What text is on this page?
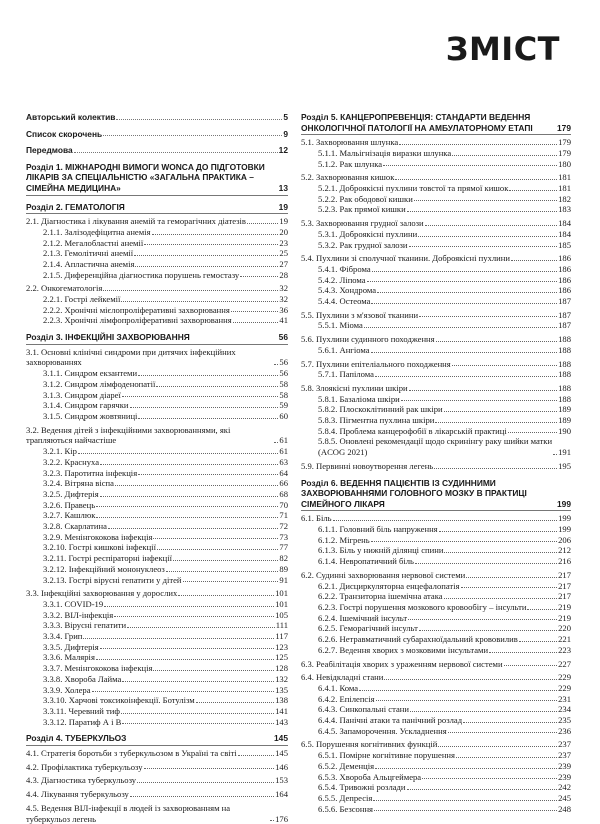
ЗМІСТ
Авторський колектив	5
Список скорочень	9
Передмова	12
Розділ 1. МІЖНАРОДНІ ВИМОГИ WONCA ДО ПІДГОТОВКИ ЛІКАРІВ ЗА СПЕЦІАЛЬНІСТЮ «ЗАГАЛЬНА ПРАКТИКА – СІМЕЙНА МЕДИЦИНА»	13
Розділ 2. ГЕМАТОЛОГІЯ	19
2.1. Діагностика і лікування анемій та геморагічних діатезів	19
2.1.1. Залізодефіцитна анемія	20
2.1.2. Мегалобластні анемії	23
2.1.3. Гемолітичні анемії	25
2.1.4. Апластична анемія	27
2.1.5. Диференційна діагностика порушень гемостазу	28
2.2. Онкогематологія	32
2.2.1. Гострі лейкемії	32
2.2.2. Хронічні мієлопроліферативні захворювання	36
2.2.3. Хронічні лімфопроліферативні захворювання	41
Розділ 3. ІНФЕКЦІЙНІ ЗАХВОРЮВАННЯ	56
3.1. Основні клінічні синдроми при дитячих інфекційних захворюваннях	56
3.1.1. Синдром екзантеми	56
3.1.2. Синдром лімфоденопатії	58
3.1.3. Синдром діареї	58
3.1.4. Синдром гарячки	59
3.1.5. Синдром жовтяниці	60
3.2. Ведення дітей з інфекційними захворюваннями, які трапляються найчастіше	61
3.2.1. Кір	61
3.2.2. Краснуха	63
3.2.3. Паротитна інфекція	64
3.2.4. Вітряна віспа	66
3.2.5. Дифтерія	68
3.2.6. Правець	70
3.2.7. Кашлюк	71
3.2.8. Скарлатина	72
3.2.9. Менінгококова інфекція	73
3.2.10. Гострі кишкові інфекції	77
3.2.11. Гострі респіраторні інфекції	82
3.2.12. Інфекційний мононуклеоз	89
3.2.13. Гострі вірусні гепатити у дітей	91
3.3. Інфекційні захворювання у дорослих	101
3.3.1. COVID-19	101
3.3.2. ВІЛ-інфекція	105
3.3.3. Вірусні гепатити	111
3.3.4. Грип	117
3.3.5. Дифтерія	123
3.3.6. Малярія	125
3.3.7. Менінгококова інфекція	128
3.3.8. Хвороба Лайма	132
3.3.9. Холера	135
3.3.10. Харчові токсикоінфекції. Ботулізм	138
3.3.11. Черевний тиф	141
3.3.12. Паратиф А і В	143
Розділ 4. ТУБЕРКУЛЬОЗ	145
4.1. Стратегія боротьби з туберкульозом в Україні та світі	145
4.2. Профілактика туберкульозу	146
4.3. Діагностика туберкульозу	153
4.4. Лікування туберкульозу	164
4.5. Ведення ВІЛ-інфекції в людей із захворюванням на туберкульоз легень	176
Розділ 5. КАНЦЕРОПРЕВЕНЦІЯ: СТАНДАРТИ ВЕДЕННЯ ОНКОЛОГІЧНОЇ ПАТОЛОГІЇ НА АМБУЛАТОРНОМУ ЕТАПІ	179
5.1. Захворювання шлунка	179
5.1.1. Мальігнізація виразки шлунка	179
5.1.2. Рак шлунка	180
5.2. Захворювання кишок	181
5.2.1. Доброякісні пухлини товстої та прямої кишок	181
5.2.2. Рак ободової кишки	182
5.2.3. Рак прямої кишки	183
5.3. Захворювання грудної залози	184
5.3.1. Доброякісні пухлини	184
5.3.2. Рак грудної залози	185
5.4. Пухлини зі сполучної тканини. Доброякісні пухлини	186
5.4.1. Фіброма	186
5.4.2. Ліпома	186
5.4.3. Хондрома	186
5.4.4. Остеома	187
5.5. Пухлини з м'язової тканини	187
5.5.1. Міома	187
5.6. Пухлини судинного походження	188
5.6.1. Ангіома	188
5.7. Пухлини епітеліального походження	188
5.7.1. Папілома	188
5.8. Злоякісні пухлини шкіри	188
5.8.1. Базаліома шкіри	188
5.8.2. Плоскоклітинний рак шкіри	189
5.8.3. Пігментна пухлина шкіри	189
5.8.4. Проблема канцерофобії в лікарській практиці	190
5.8.5. Оновлені рекомендації щодо скринінгу раку шийки матки (ACOG 2021)	191
5.9. Первинні новоутворення легень	195
Розділ 6. ВЕДЕННЯ ПАЦІЄНТІВ ІЗ СУДИННИМИ ЗАХВОРЮВАННЯМИ ГОЛОВНОГО МОЗКУ В ПРАКТИЦІ СІМЕЙНОГО ЛІКАРЯ	199
6.1. Біль	199
6.1.1. Головний біль напруження	199
6.1.2. Мігрень	206
6.1.3. Біль у нижній ділянці спини	212
6.1.4. Невропатичний біль	216
6.2. Судинні захворювання нервової системи	217
6.2.1. Дисциркуляторна енцефалопатія	217
6.2.2. Транзиторна ішемічна атака	217
6.2.3. Гострі порушення мозкового кровообігу – інсульти	219
6.2.4. Ішемічний інсульт	219
6.2.5. Геморагічний інсульт	220
6.2.6. Нетравматичний субарахноїдальний крововилив	221
6.2.7. Ведення хворих з мозковими інсультами	223
6.3. Реабілітація хворих з ураженням нервової системи	227
6.4. Невідкладні стани	229
6.4.1. Кома	229
6.4.2. Епілепсія	231
6.4.3. Синкопальні стани	234
6.4.4. Панічні атаки та панічний розлад	235
6.4.5. Запаморочення. Ускладнення	236
6.5. Порушення когнітивних функцій	237
6.5.1. Помірне когнітивне порушення	237
6.5.2. Деменція	239
6.5.3. Хвороба Альцгеймера	239
6.5.4. Тривожні розлади	242
6.5.5. Депресія	245
6.5.6. Безсоння	248
